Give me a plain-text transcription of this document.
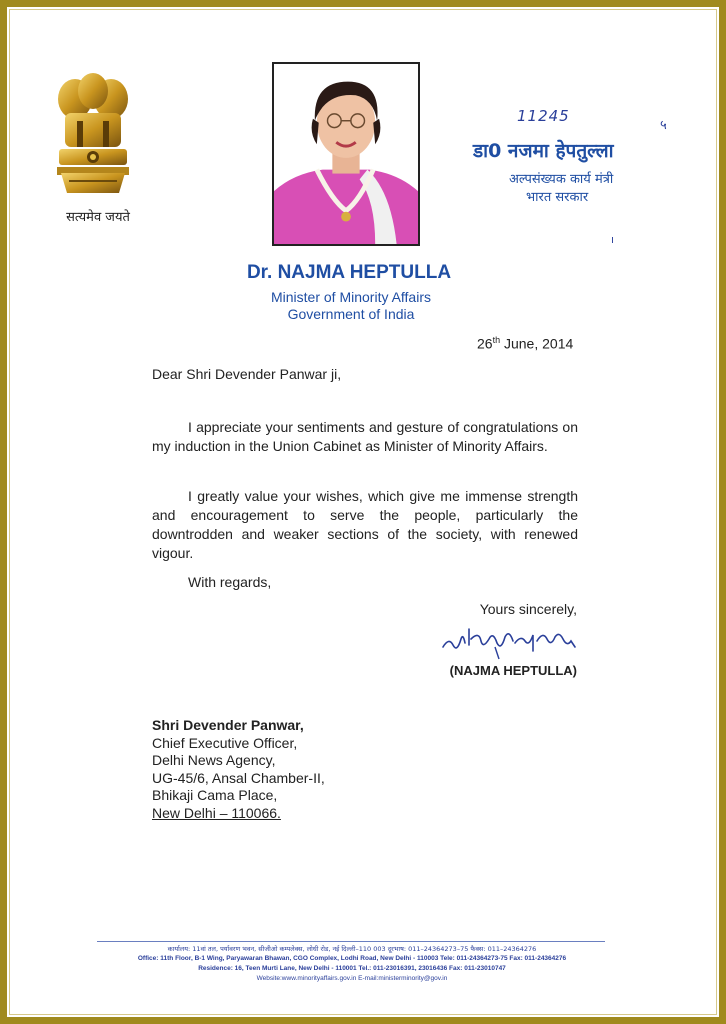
सत्यमेव जयते
11245
५
ı
डा0 नजमा हेपतुल्ला
अल्पसंख्यक कार्य मंत्री
भारत सरकार
Dr. NAJMA HEPTULLA
Minister of Minority Affairs
Government of India
26th June, 2014
Dear Shri Devender Panwar ji,
I appreciate your sentiments and gesture of congratulations on my induction in the Union Cabinet as Minister of Minority Affairs.
I greatly value your wishes, which give me immense strength and encouragement to serve the people, particularly the downtrodden and weaker sections of the society, with renewed vigour.
With regards,
Yours sincerely,
(NAJMA HEPTULLA)
Shri Devender Panwar,
Chief Executive Officer,
Delhi News Agency,
UG-45/6, Ansal Chamber-II,
Bhikaji Cama Place,
New Delhi – 110066.
कार्यालय: 11वां तल, पर्यावरण भवन, सीजीओ कम्पलेक्स, लोधी रोड, नई दिल्ली–110 003 दूरभाष: 011–24364273–75 फैक्स: 011–24364276
Office: 11th Floor, B-1 Wing, Paryawaran Bhawan, CGO Complex, Lodhi Road, New Delhi - 110003 Tele: 011-24364273-75 Fax: 011-24364276
Residence: 16, Teen Murti Lane, New Delhi - 110001 Tel.: 011-23016391, 23016436 Fax: 011-23010747
Website:www.minorityaffairs.gov.in E-mail:ministerminority@gov.in
